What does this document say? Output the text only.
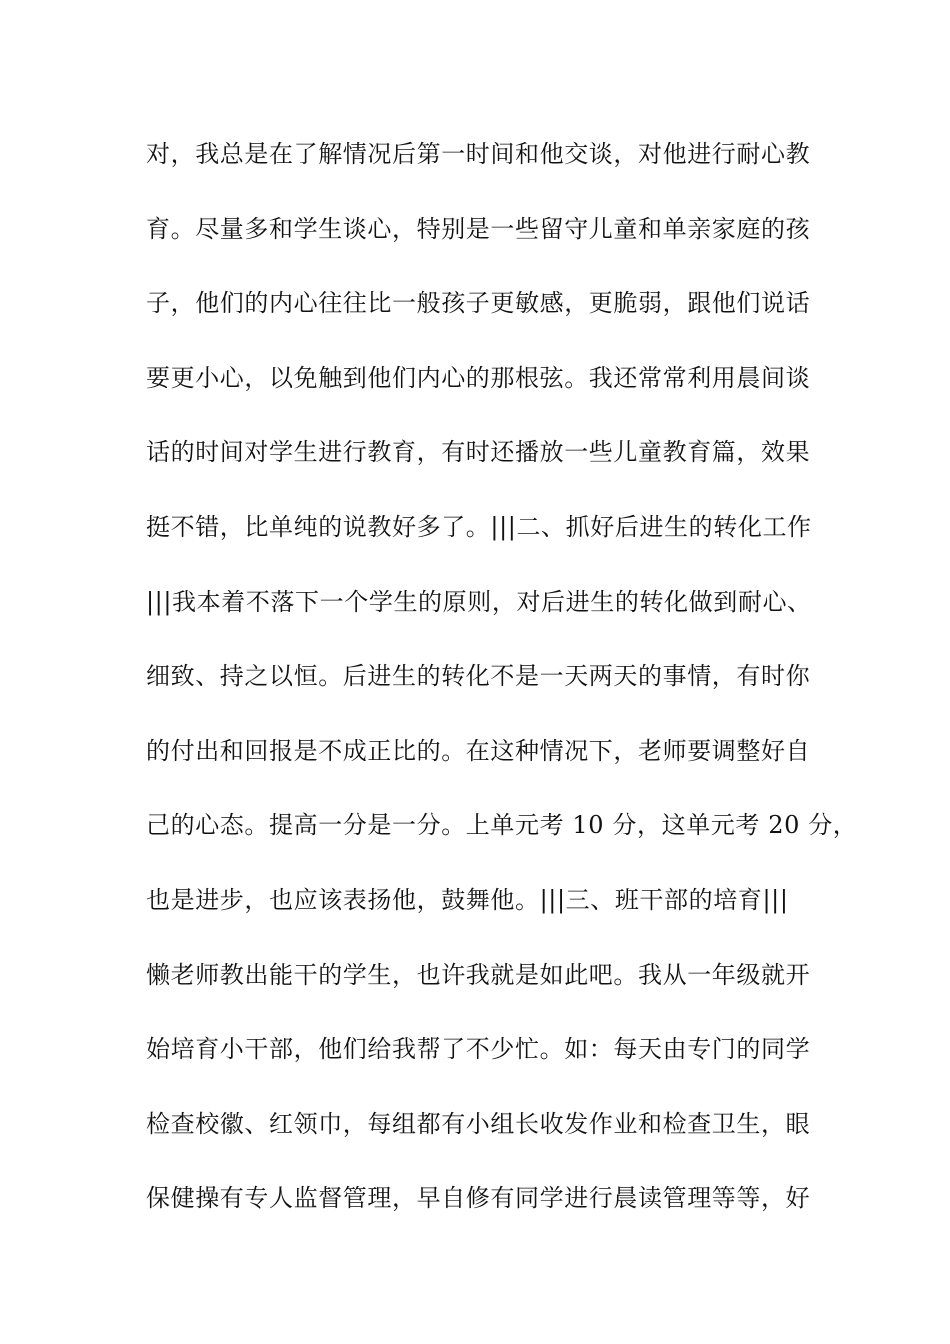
对，我总是在了解情况后第一时间和他交谈，对他进行耐心教
育。尽量多和学生谈心，特别是一些留守儿童和单亲家庭的孩
子，他们的内心往往比一般孩子更敏感，更脆弱，跟他们说话
要更小心，以免触到他们内心的那根弦。我还常常利用晨间谈
话的时间对学生进行教育，有时还播放一些儿童教育篇，效果
挺不错，比单纯的说教好多了。|||二、抓好后进生的转化工作
|||我本着不落下一个学生的原则，对后进生的转化做到耐心、
细致、持之以恒。后进生的转化不是一天两天的事情，有时你
的付出和回报是不成正比的。在这种情况下，老师要调整好自
己的心态。提高一分是一分。上单元考 10 分，这单元考 20 分，
也是进步，也应该表扬他，鼓舞他。|||三、班干部的培育|||
懒老师教出能干的学生，也许我就是如此吧。我从一年级就开
始培育小干部，他们给我帮了不少忙。如：每天由专门的同学
检查校徽、红领巾，每组都有小组长收发作业和检查卫生，眼
保健操有专人监督管理，早自修有同学进行晨读管理等等，好
